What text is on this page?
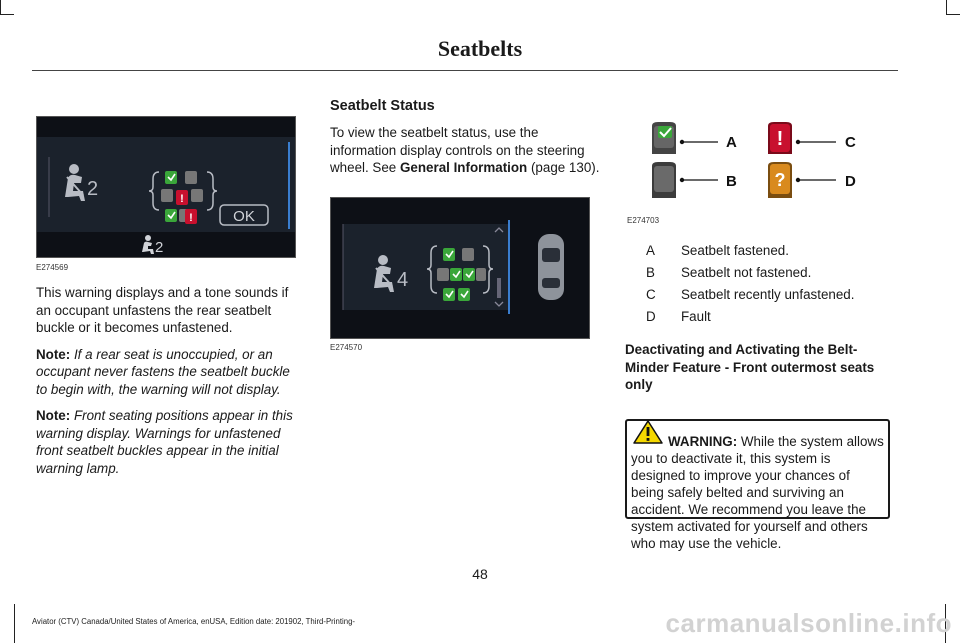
Seatbelts
2	!
!	OK
2
E274569

This warning displays and a tone sounds if an occupant unfastens the rear seatbelt buckle or it becomes unfastened.

Note: If a rear seat is unoccupied, or an occupant never fastens the seatbelt buckle to begin with, the warning will not display.

Note: Front seating positions appear in this warning display. Warnings for unfastened front seatbelt buckles appear in the initial warning lamp.

Seatbelt Status
To view the seatbelt status, use the information display controls on the steering wheel. See General Information (page 130).
4
E274570
A
B
!	C
?	D
E274703
A	Seatbelt fastened.
B	Seatbelt not fastened.
C	Seatbelt recently unfastened.
D	Fault
Deactivating and Activating the Belt-Minder Feature - Front outermost seats only
WARNING: While the system allows you to deactivate it, this system is designed to improve your chances of being safely belted and surviving an accident. We recommend you leave the system activated for yourself and others who may use the vehicle.
48
Aviator (CTV) Canada/United States of America, enUSA, Edition date: 201902, Third-Printing-	carmanualsonline.info
